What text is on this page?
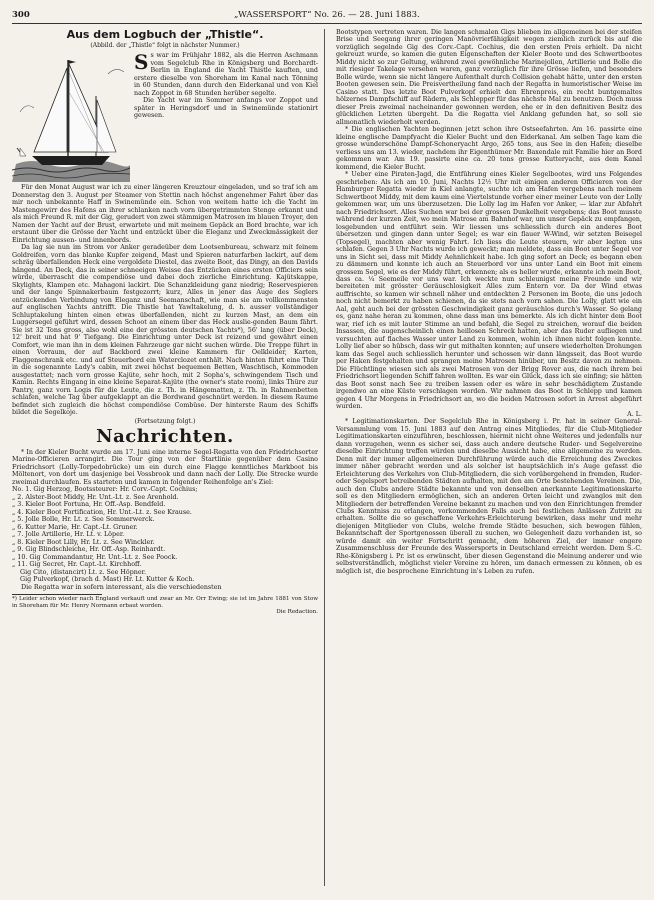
300	„WASSERSPORT“ No. 26. — 28. Juni 1883.
Aus dem Logbuch der „Thistle“.
(Abbild. der „Thistle“ folgt in nächster Nummer.)

Ss war im Frühjahr 1882, als die Herren Aschmann vom Segelclub Rhe in Königsberg und Borchardt-Berlin in England die Yacht Thistle kauften, und erstere dieselbe von Shoreham im Kanal nach Tönning in 60 Stunden, dann durch den Eiderkanal und von Kiel nach Zoppot in 68 Stunden herüber segelte.

Die Yacht war im Sommer anfangs vor Zoppot und später in Heringsdorf und in Swinemünde stationirt gewesen.

Für den Monat August war ich zu einer längeren Kreuztour eingeladen, und so traf ich am Donnerstag den 3. August per Steamer von Stettin nach höchst angenehmer Fahrt über das mir noch unbekannte Haff in Swinemünde ein. Schon von weitem hatte ich die Yacht im Mastengewirr des Hafens an ihrer schlanken nach vorn übergetrimmten Stenge erkannt und als mich Freund R. mit der Gig, gerudert von zwei stämmigen Matrosen im blauen Troyer, den Namen der Yacht auf der Brust, erwartete und mit meinem Gepäck an Bord brachte, war ich erstaunt über die Grösse der Yacht und entzückt über die Eleganz und Zweckmässigkeit der Einrichtung aussen- und innenbords.

Da lag sie nun im Strom vor Anker geradeüber dem Lootsenbureau, schwarz mit feinem Goldreifen, vorn das blanke Kupfer zeigend, Mast und Spieren naturfarben lackirt, auf dem schräg überfallenden Heck eine vergoldete Diestel, das zweite Boot, das Dingy, an den Davids hängend. An Deck, das in seiner schneeigen Weisse das Entzücken eines ersten Officiers sein würde, überrascht die compendiöse und dabei doch zierliche Einrichtung. Kajütskappe, Skylights, Klampen etc. Mahagoni lackirt. Die Schanzkleidung ganz niedrig; Reservespieren und der lange Spinnakerbaum festgezorrt; kurz, Alles in jener das Auge des Seglers entzückenden Verbindung von Eleganz und Seemanschaft, wie man sie am vollkommensten auf englischen Yachts antrifft. Die Thistle hat Yawltakelung, d. h. ausser vollständiger Schluptakelung hinten einen etwas überfallenden, nicht zu kurzen Mast, an dem ein Luggersegel geführt wird, dessen Schoot an einem über das Heck auslie-genden Baum fährt. Sie ist 32 Tons gross, also wohl eine der grössten deutschen Yachts*), 56' lang (über Deck), 12' breit und hat 9' Tiefgang. Die Einrichtung unter Deck ist reizend und gewährt einen Comfort, wie man ihn in dem kleinen Fahrzeuge gar nicht suchen würde. Die Treppe führt in einen Vorraum, der auf Backbord zwei kleine Kammern für Oelkleider, Karten, Flaggenschrank etc. und auf Steuerbord ein Waterclozet enthält. Nach hinten führt eine Thür in die sogenannte Lady's cabin, mit zwei höchst bequemen Betten, Waschtisch, Kommoden ausgestattet; nach vorn grosse Kajüte, sehr hoch, mit 2 Sopha's, schwingendem Tisch und Kamin. Rechts Eingang in eine kleine Separat-Kajüte (the owner's state room), links Thüre zur Pantry, ganz vorn Logis für die Leute, die z. Th. in Hängematten, z. Th. in Rahmenbetten schlafen, welche Tag über aufgeklappt an die Bordwand geschnürt werden. In diesem Raume befindet sich zugleich die höchst compendiöse Combüse. Der hinterste Raum des Schiffs bildet die Segelkoje.

(Fortsetzung folgt.)
Nachrichten.

* In der Kieler Bucht wurde am 17. Juni eine interne Segel-Regatta von den Friedrichsorter Marine-Officieren arrangirt. Die Tour ging von der Startlinie gegenüber dem Casino Friedrichsort (Lolly-Torpedobrücke) um ein durch eine Flagge kenntliches Markboot bis Möltenort, von dort um dasjenige bei Vossbrook und dann nach der Lolly. Die Strecke wurde zweimal durchlaufen. Es starteten und kamen in folgender Reihenfolge an's Ziel:

No. 1. Gig Herzog, Bootssteurer: Hr. Corv.-Capt. Cochius;
„ 2. Alster-Boot Middy, Hr. Unt.-Lt. z. See Arenhold.
„ 3. Kieler Boot Fortuna, Hr. Off.-Asp. Bendfeld.
„ 4. Kieler Boot Fortification, Hr. Unt.-Lt. z. See Krause.
„ 5. Jolle Bolle, Hr. Lt. z. See Sommerwerck.
„ 6. Kutter Marie, Hr. Capt.-Lt. Gruner.
„ 7. Jolle Artillerie, Hr. Lt. v. Löper.
„ 8. Kieler Boot Lilly, Hr. Lt. z. See Winckler.
„ 9. Gig Blindschleiche, Hr. Off.-Asp. Reinhardt.
„ 10. Gig Commandantur, Hr. Unt.-Lt. z. See Poock.
„ 11. Gig Secret, Hr. Capt.-Lt. Kirchhoff.
Gig Cito, (distancirt) Lt. z. See Höpner.
Gig Pulverkopf, (brach d. Mast) Hr. Lt. Kutter & Koch.

Die Regatta war in sofern interessant, als die verschiedensten

*) Leider schon wieder nach England verkauft und zwar an Mr. Orr Ewing; sie ist im Jahre 1881 von Stow in Shoreham für Mr. Henry Normann erbaut worden.
Die Redaction.

Bootstypen vertreten waren. Die langen schmalen Gigs blieben im allgemeinen bei der steifen Brise und Seegang ihrer geringen Manövrierfähigkeit wegen ziemlich zurück bis auf die vorzüglich segelnde Gig des Corv.-Capt. Cochius, die den ersten Preis erhielt. Da nicht gekreuzt wurde, so kamen die guten Eigenschaften der Kieler Boote und des Schwertbootes Middy nicht so zur Geltung, während zwei gewöhnliche Marinejollen, Artillerie und Bolle die mit riesiger Takelage versehen waren, ganz vorzüglich für ihre Grösse liefen, und besonders Bolle würde, wenn sie nicht längere Aufenthalt durch Collision gehabt hätte, unter den ersten Booten gewesen sein. Die Preisvertheilung fand nach der Regatta in humoristischer Weise im Casino statt. Das letzte Boot Pulverkopf erhielt den Ehrenpreis, ein recht buntgemaltes hölzernes Dampfschiff auf Rädern, als Schlepper für das nächste Mal zu benutzen. Doch muss dieser Preis zweimal nacheinander gewonnen werden, ehe er in den definitiven Besitz des glücklichen Letzten übergeht. Da die Regatta viel Anklang gefunden hat, so soll sie allmonatlich wiederholt werden.

* Die englischen Yachten beginnen jetzt schon ihre Ostseefahrten. Am 16. passirte eine kleine englische Dampfyacht die Kieler Bucht und den Eiderkanal. Am selben Tage kam die grosse wunderschöne Dampf-Schoneryacht Argo, 265 tons, aus See in den Hafen; dieselbe verliess uns am 13. wieder, nachdem ihr Eigenthümer Mr. Baxendale mit Familie hier an Bord gekommen war. Am 19. passirte eine ca. 20 tons grosse Kutteryacht, aus dem Kanal kommend, die Kieler Bucht.

* Ueber eine Piraten-Jagd, die Entführung eines Kieler Segelbootes, wird uns Folgendes geschrieben: Als ich am 10. Juni, Nachts 12½ Uhr mit einigen anderen Officieren von der Hamburger Regatta wieder in Kiel anlangte, suchte ich am Hafen vergebens nach meinem Schwertboot Middy, mit dem kaum eine Viertelstunde vorher einer meiner Leute von der Lolly gekommen war, um uns überzusetzen. Die Lolly lag im Hafen vor Anker, — klar zur Abfahrt nach Friedrichsort. Alles Suchen war bei der grossen Dunkelheit vergebens; das Boot musste während der kurzen Zeit, wo mein Matrose am Bahnhof war, um unser Gepäck zu empfangen, losgebunden und entführt sein. Wir liessen uns schliesslich durch ein anderes Boot übersetzen und gingen dann unter Segel; es war ein flauer W-Wind, wir setzten Beisegel (Topsegel), machten aber wenig Fahrt. Ich liess die Leute steuern, wir aber legten uns schlafen. Gegen 3 Uhr Nachts wurde ich geweckt; man meldete, dass ein Boot unter Segel vor uns in Sicht sei, dass mit Middy Aehnlichkeit habe. Ich ging sofort an Deck; es begann eben zu dämmern und konnte ich auch an Steuerbord vor uns unter Land ein Boot mit einem grossem Segel, wie es der Middy führt, erkennen; als es heller wurde, erkannte ich mein Boot, dass ca. ¼ Seemeile vor uns war. Ich weckte nun schleunigst meine Freunde und wir bereiteten mit grösster Geräuschlosigkeit Alles zum Entern vor. Da der Wind etwas auffrischte, so kamen wir schnell näher und entdeckten 2 Personen im Boote, die uns jedoch noch nicht bemerkt zu haben schienen, da sie stets nach vorn sahen. Die Lolly, glatt wie ein Aal, geht auch bei der grössten Geschwindigkeit ganz geräuschlos durch's Wasser. So gelang es, ganz nahe heran zu kommen, ohne dass man uns bemerkte. Als ich dicht hinter dem Boot war, rief ich es mit lauter Stimme an und befahl, die Segel zu streichen, worauf die beiden Insassen, die augenscheinlich einen heillosen Schreck hatten, aber das Ruder aufliegen und versuchten auf flaches Wasser unter Land zu kommen, wohin ich ihnen nicht folgen konnte. Lolly lief aber so hübsch, dass wir gut mithalten konnten; auf unsere wiederholten Drohungen kam das Segel auch schliesslich herunter und schossen wir dann längsseit, das Boot wurde per Haken festgehalten und sprangen meine Matrosen hinüber, um Besitz davon zu nehmen. Die Flüchtlinge wiesen sich als zwei Matrosen von der Brigg Rover aus, die nach ihrem bei Friedrichsort liegenden Schiff fahren wollten. Es war ein Glück, dass ich sie einfing; sie hätten das Boot sonst nach See zu treiben lassen oder es wäre in sehr beschädigtem Zustande irgendwo an eine Küste verschlagen worden. Wir nahmen das Boot in Schlepp und kamen gegen 4 Uhr Morgens in Friedrichsort an, wo die beiden Matrosen sofort in Arrest abgeführt wurden.

A. L.

* Legitimationskarten. Der Segelclub Rhe in Königsberg i. Pr. hat in seiner General-Versammlung vom 15. Juni 1883 auf den Antrag eines Mitgliedes, für die Club-Mitglieder Legitimationskarten einzuführen, beschlossen, hiermit nicht ohne Weiteres und jedenfalls nur dann vorzugehen, wenn es sicher sei, dass auch andere deutsche Ruder- und Segelvereine dieselbe Einrichtung treffen würden und dieselbe Aussicht habe, eine allgemeine zu werden. Denn mit der immer allgemeineren Durchführung würde auch die Erreichung des Zweckes immer näher gebracht werden und als solcher ist hauptsächlich in's Auge gefasst die Erleichterung des Verkehrs von Club-Mitgliedern, die sich vorübergehend in fremden, Ruder- oder Segelsport betreibenden Städten aufhalten, mit den am Orte bestehenden Vereinen. Die, auch den Clubs andere Städte bekannte und von denselben anerkannte Legitimationskarte soll es den Mitgliedern ermöglichen, sich an anderen Orten leicht und zwanglos mit den Mitgliedern der betreffenden Vereine bekannt zu machen und von den Einrichtungen fremder Clubs Kenntniss zu erlangen, vorkommenden Falls auch bei festlichen Anlässen Zutritt zu erhalten. Sollte die so geschaffene Verkehrs-Erleichterung bewirken, dass mehr und mehr diejenigen Mitglieder von Clubs, welche fremde Städte besuchen, sich bewogen fühlen, Bekanntschaft der Sportgenossen überall zu suchen, wo Gelegenheit dazu vorhanden ist, so würde damit ein weiter Fortschritt gemacht, dem höheren Ziel, der immer engere Zusammenschluss der Freunde des Wassersports in Deutschland erreicht werden. Dem S.-C. Rhe-Königsberg i. Pr. ist es erwünscht, über diesen Gegenstand die Meinung anderer und wie selbstverständlich, möglichst vieler Vereine zu hören, um danach ermessen zu können, ob es möglich ist, die besprochene Einrichtung in's Leben zu rufen.
